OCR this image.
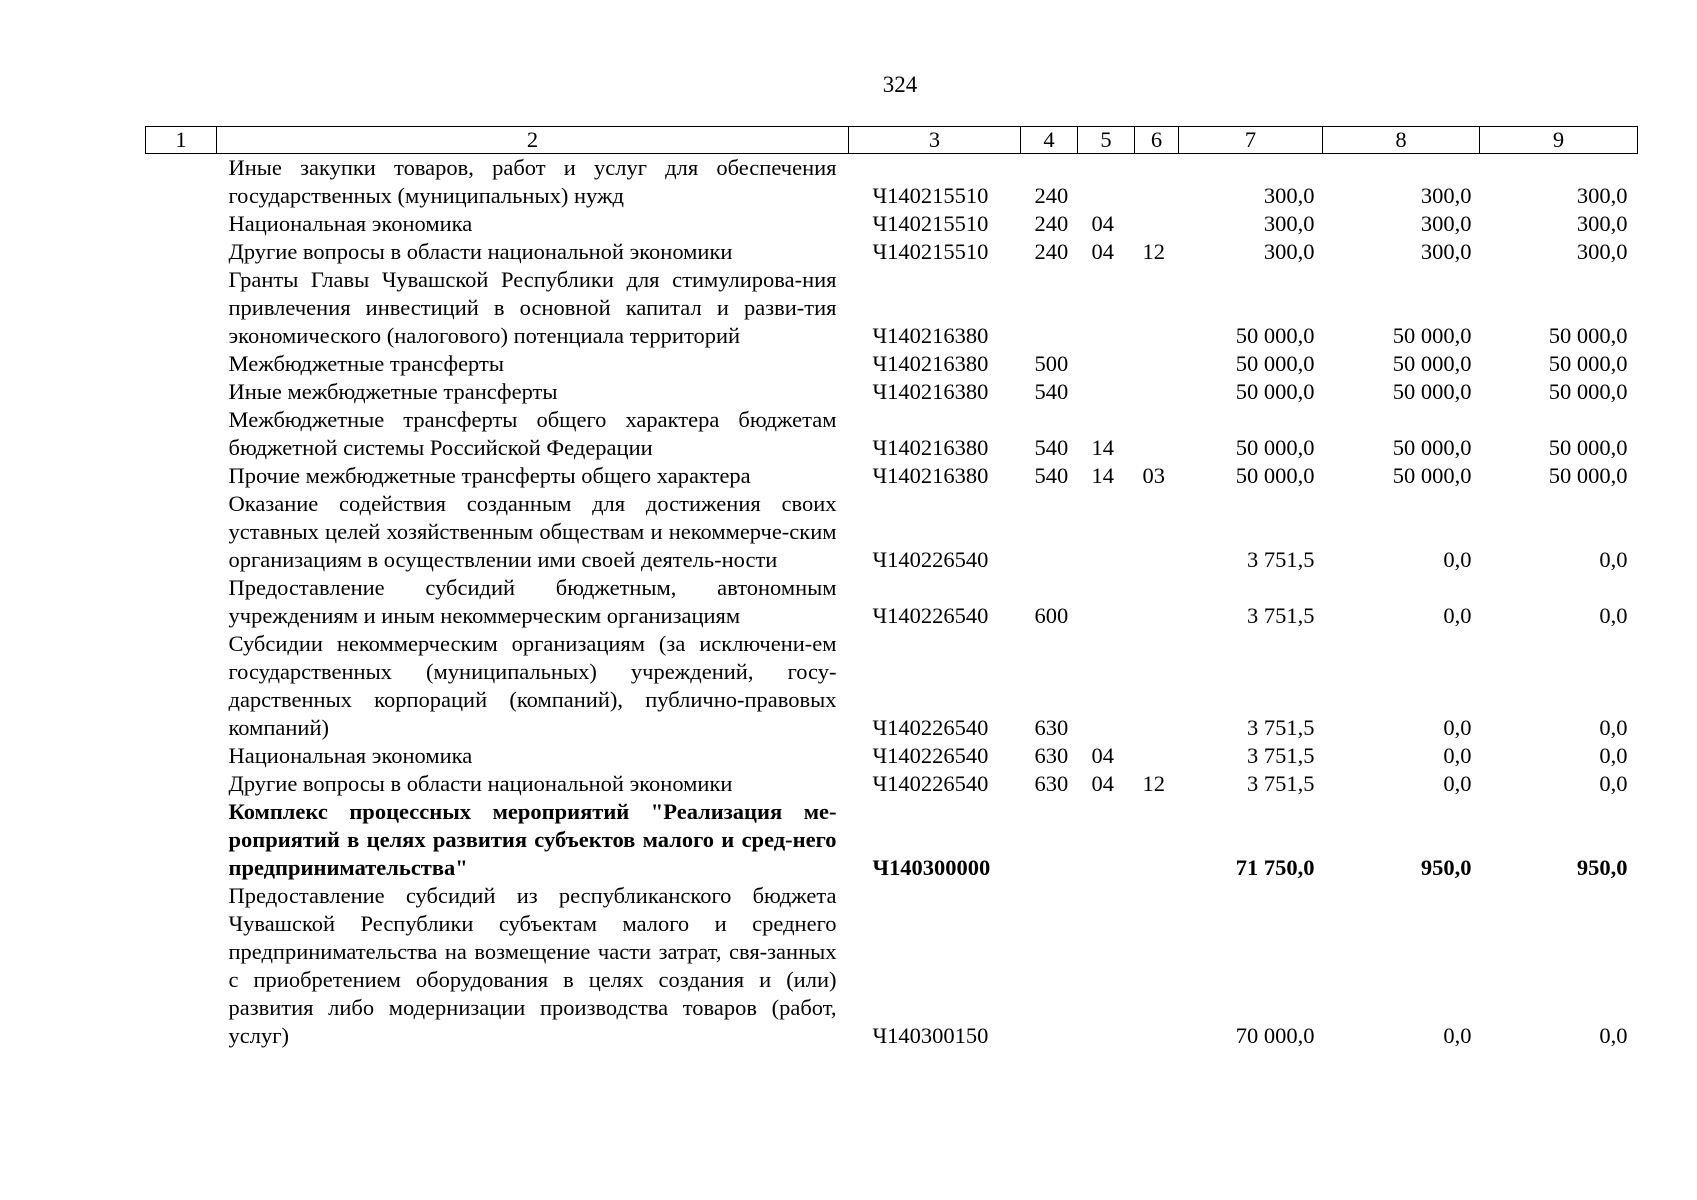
324
1	2	3	4	5	6	7	8	9
	Иные закупки товаров, работ и услуг для обеспечения государственных (муниципальных) нужд	Ч140215510	240			300,0	300,0	300,0
	Национальная экономика	Ч140215510	240	04		300,0	300,0	300,0
	Другие вопросы в области национальной экономики	Ч140215510	240	04	12	300,0	300,0	300,0
	Гранты Главы Чувашской Республики для стимулирова-ния привлечения инвестиций в основной капитал и разви-тия экономического (налогового) потенциала территорий	Ч140216380				50 000,0	50 000,0	50 000,0
	Межбюджетные трансферты	Ч140216380	500			50 000,0	50 000,0	50 000,0
	Иные межбюджетные трансферты	Ч140216380	540			50 000,0	50 000,0	50 000,0
	Межбюджетные трансферты общего характера бюджетам бюджетной системы Российской Федерации	Ч140216380	540	14		50 000,0	50 000,0	50 000,0
	Прочие межбюджетные трансферты общего характера	Ч140216380	540	14	03	50 000,0	50 000,0	50 000,0
	Оказание содействия созданным для достижения своих уставных целей хозяйственным обществам и некоммерче-ским организациям в осуществлении ими своей деятель-ности	Ч140226540				3 751,5	0,0	0,0
	Предоставление субсидий бюджетным, автономным учреждениям и иным некоммерческим организациям	Ч140226540	600			3 751,5	0,0	0,0
	Субсидии некоммерческим организациям (за исключени-ем государственных (муниципальных) учреждений, госу-дарственных корпораций (компаний), публично-правовых компаний)	Ч140226540	630			3 751,5	0,0	0,0
	Национальная экономика	Ч140226540	630	04		3 751,5	0,0	0,0
	Другие вопросы в области национальной экономики	Ч140226540	630	04	12	3 751,5	0,0	0,0
	Комплекс процессных мероприятий "Реализация ме-роприятий в целях развития субъектов малого и сред-него предпринимательства"	Ч140300000				71 750,0	950,0	950,0
	Предоставление субсидий из республиканского бюджета Чувашской Республики субъектам малого и среднего предпринимательства на возмещение части затрат, свя-занных с приобретением оборудования в целях создания и (или) развития либо модернизации производства товаров (работ, услуг)	Ч140300150				70 000,0	0,0	0,0
